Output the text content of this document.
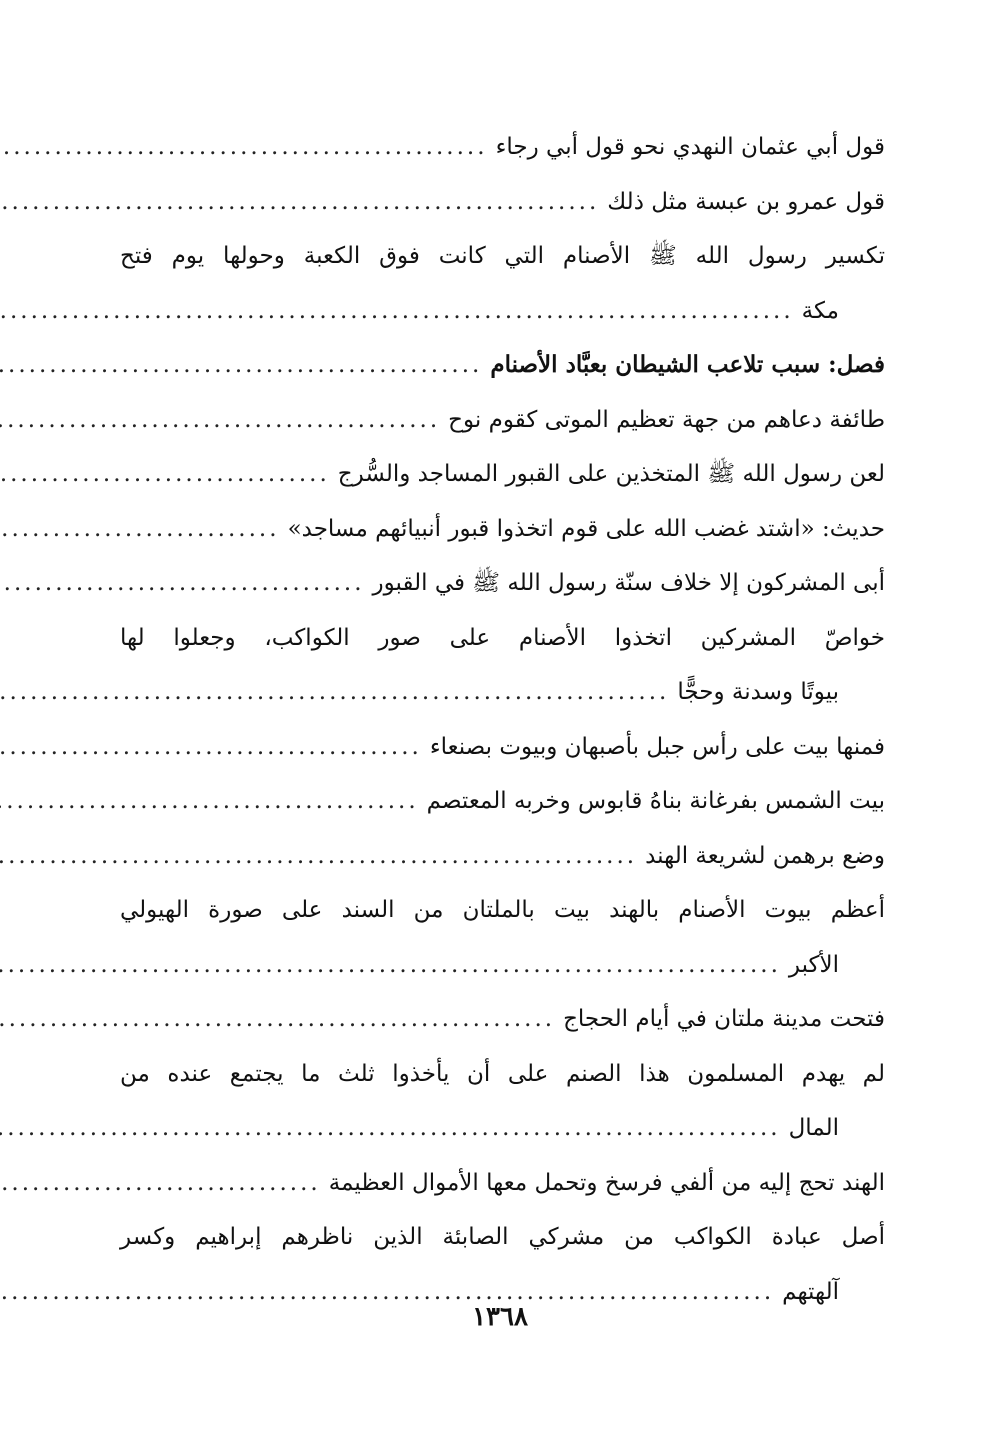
قول أبي عثمان النهدي نحو قول أبي رجاء
.....
قول عمرو بن عبسة مثل ذلك
.....
تكسير رسول الله ﷺ الأصنام التي كانت فوق الكعبة وحولها يوم فتح
مكة
.....
فصل: سبب تلاعب الشيطان بعبَّاد الأصنام
.....
طائفة دعاهم من جهة تعظيم الموتى كقوم نوح
.....
لعن رسول الله ﷺ المتخذين على القبور المساجد والسُّرج
.....
حديث: «اشتد غضب الله على قوم اتخذوا قبور أنبيائهم مساجد»
.....
أبى المشركون إلا خلاف سنّة رسول الله ﷺ في القبور
.....
خواصّ المشركين اتخذوا الأصنام على صور الكواكب، وجعلوا لها
بيوتًا وسدنة وحجًّا
.....
فمنها بيت على رأس جبل بأصبهان وبيوت بصنعاء
.....
بيت الشمس بفرغانة بناهُ قابوس وخربه المعتصم
.....
وضع برهمن لشريعة الهند
.....
أعظم بيوت الأصنام بالهند بيت بالملتان من السند على صورة الهيولي
الأكبر
.....
فتحت مدينة ملتان في أيام الحجاج
.....
لم يهدم المسلمون هذا الصنم على أن يأخذوا ثلث ما يجتمع عنده من
المال
.....
الهند تحج إليه من ألفي فرسخ وتحمل معها الأموال العظيمة
.....
أصل عبادة الكواكب من مشركي الصابئة الذين ناظرهم إبراهيم وكسر
آلهتهم
.....
١٣٦٨
